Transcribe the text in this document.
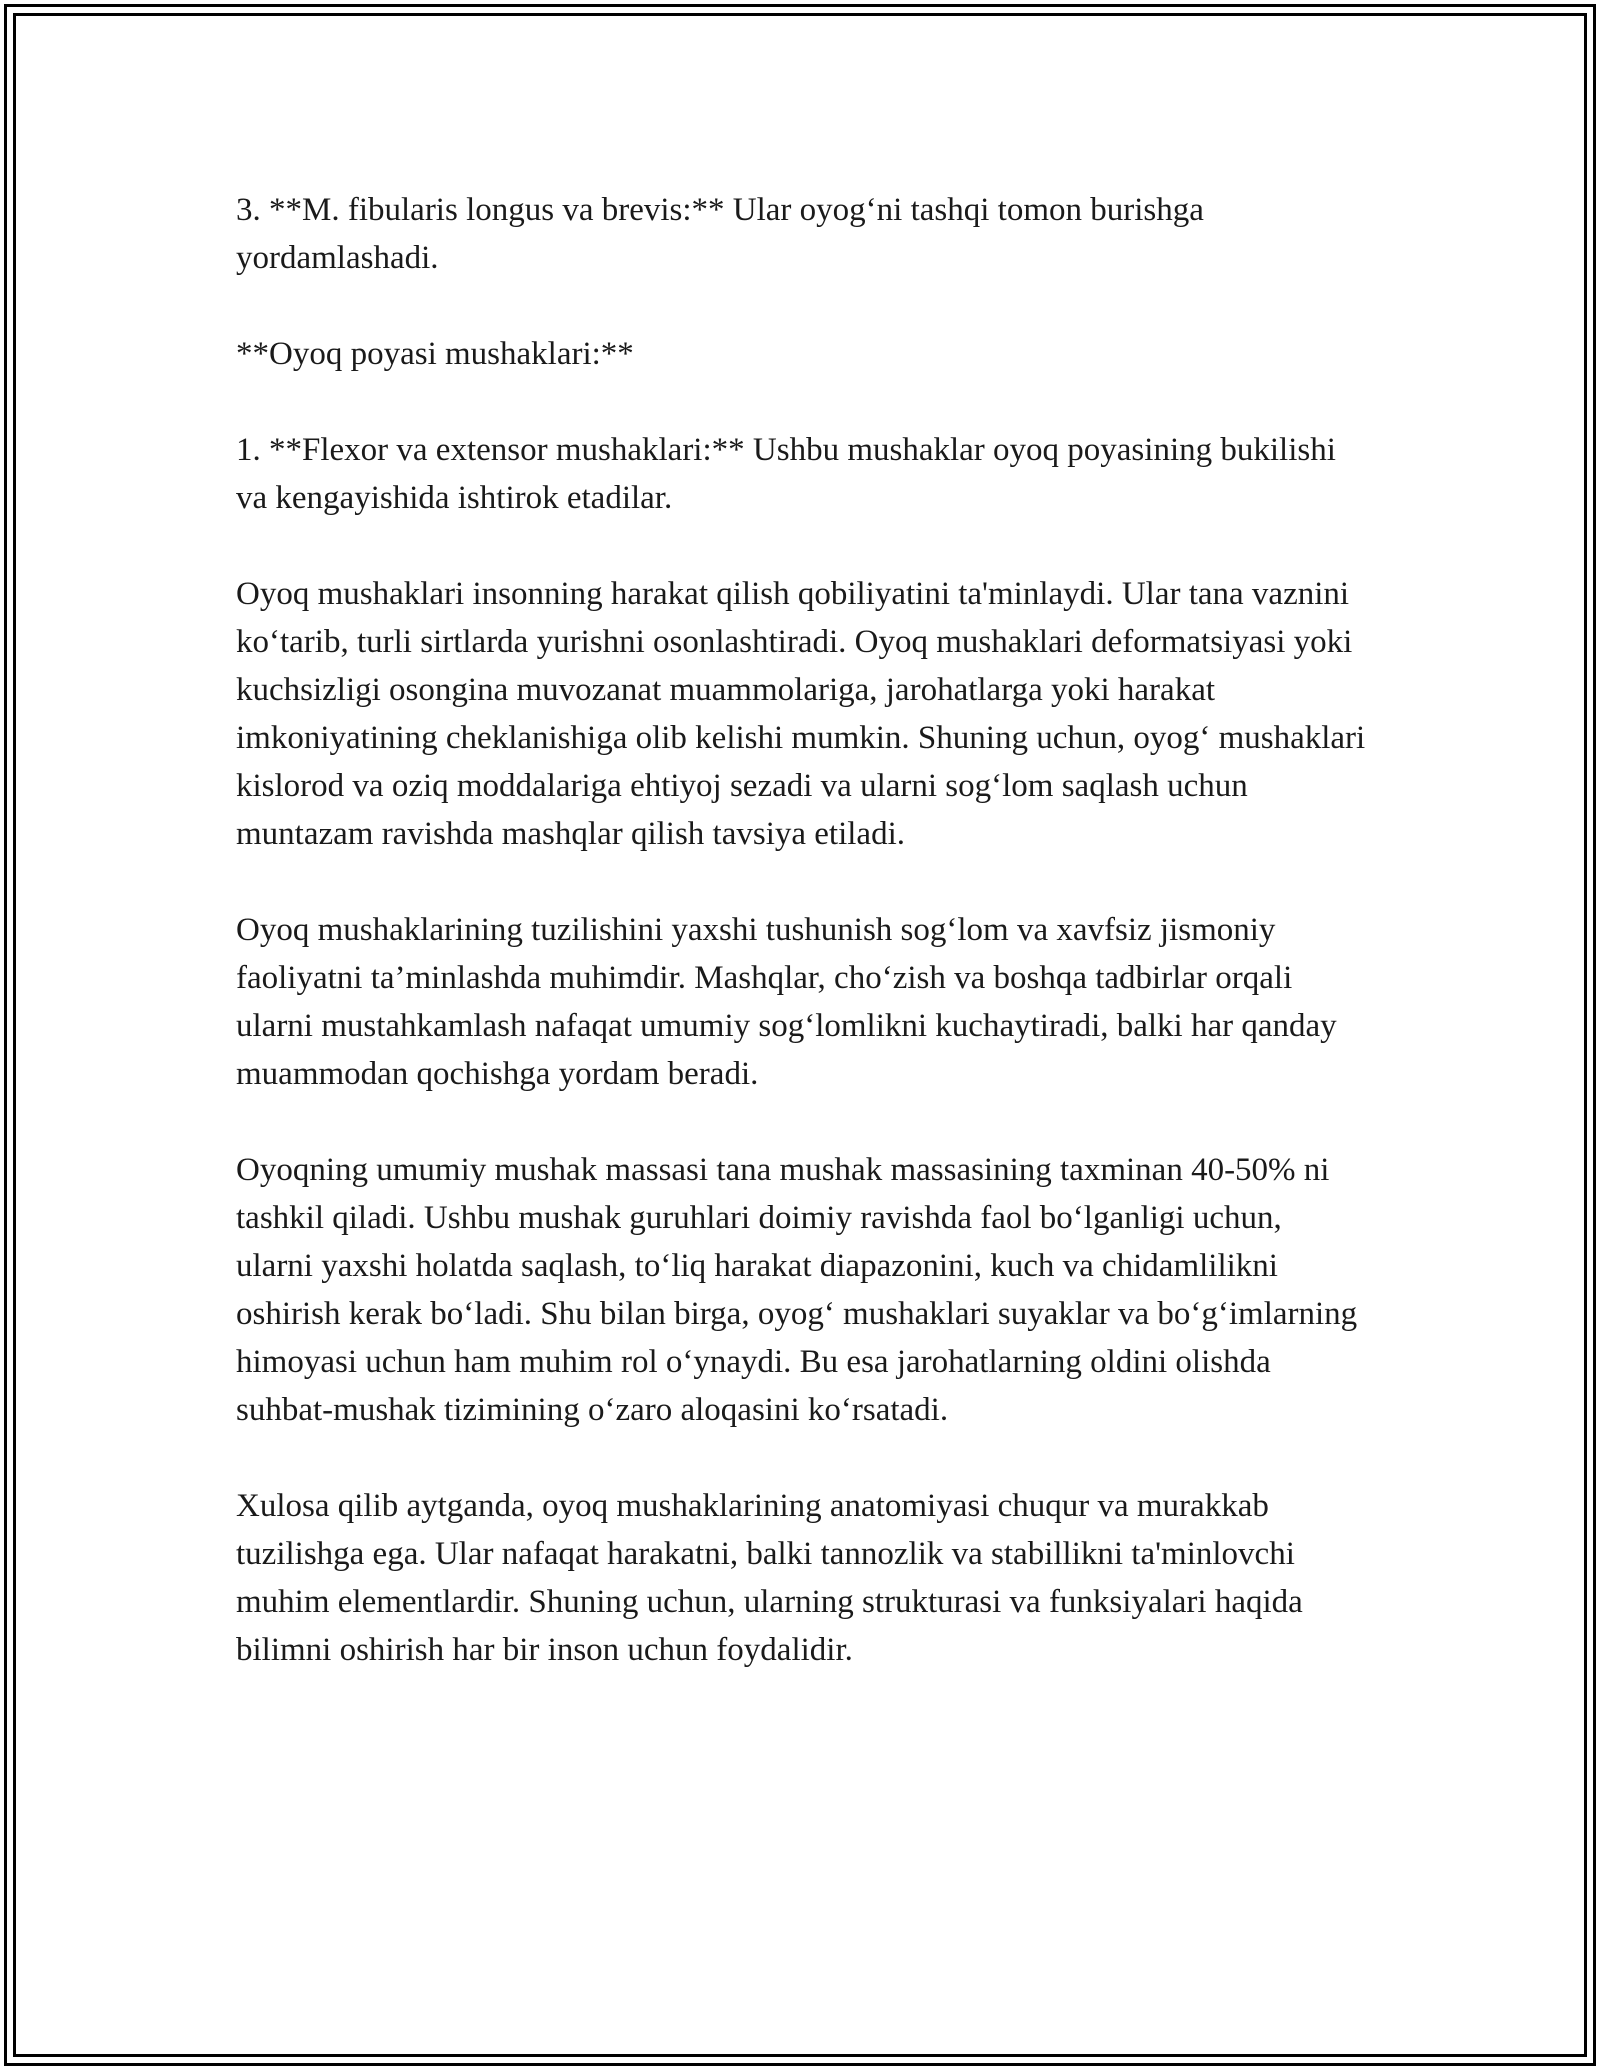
3. **M. fibularis longus va brevis:** Ular oyog‘ni tashqi tomon burishga yordamlashadi.

**Oyoq poyasi mushaklari:**

1. **Flexor va extensor mushaklari:** Ushbu mushaklar oyoq poyasining bukilishi va kengayishida ishtirok etadilar.

Oyoq mushaklari insonning harakat qilish qobiliyatini ta'minlaydi. Ular tana vaznini ko‘tarib, turli sirtlarda yurishni osonlashtiradi. Oyoq mushaklari deformatsiyasi yoki kuchsizligi osongina muvozanat muammolariga, jarohatlarga yoki harakat imkoniyatining cheklanishiga olib kelishi mumkin. Shuning uchun, oyog‘ mushaklari kislorod va oziq moddalariga ehtiyoj sezadi va ularni sog‘lom saqlash uchun muntazam ravishda mashqlar qilish tavsiya etiladi.

Oyoq mushaklarining tuzilishini yaxshi tushunish sog‘lom va xavfsiz jismoniy faoliyatni ta’minlashda muhimdir. Mashqlar, cho‘zish va boshqa tadbirlar orqali ularni mustahkamlash nafaqat umumiy sog‘lomlikni kuchaytiradi, balki har qanday muammodan qochishga yordam beradi.

Oyoqning umumiy mushak massasi tana mushak massasining taxminan 40-50% ni tashkil qiladi. Ushbu mushak guruhlari doimiy ravishda faol bo‘lganligi uchun, ularni yaxshi holatda saqlash, to‘liq harakat diapazonini, kuch va chidamlilikni oshirish kerak bo‘ladi. Shu bilan birga, oyog‘ mushaklari suyaklar va bo‘g‘imlarning himoyasi uchun ham muhim rol o‘ynaydi. Bu esa jarohatlarning oldini olishda suhbat-mushak tizimining o‘zaro aloqasini ko‘rsatadi.

Xulosa qilib aytganda, oyoq mushaklarining anatomiyasi chuqur va murakkab tuzilishga ega. Ular nafaqat harakatni, balki tannozlik va stabillikni ta'minlovchi muhim elementlardir. Shuning uchun, ularning strukturasi va funksiyalari haqida bilimni oshirish har bir inson uchun foydalidir.
